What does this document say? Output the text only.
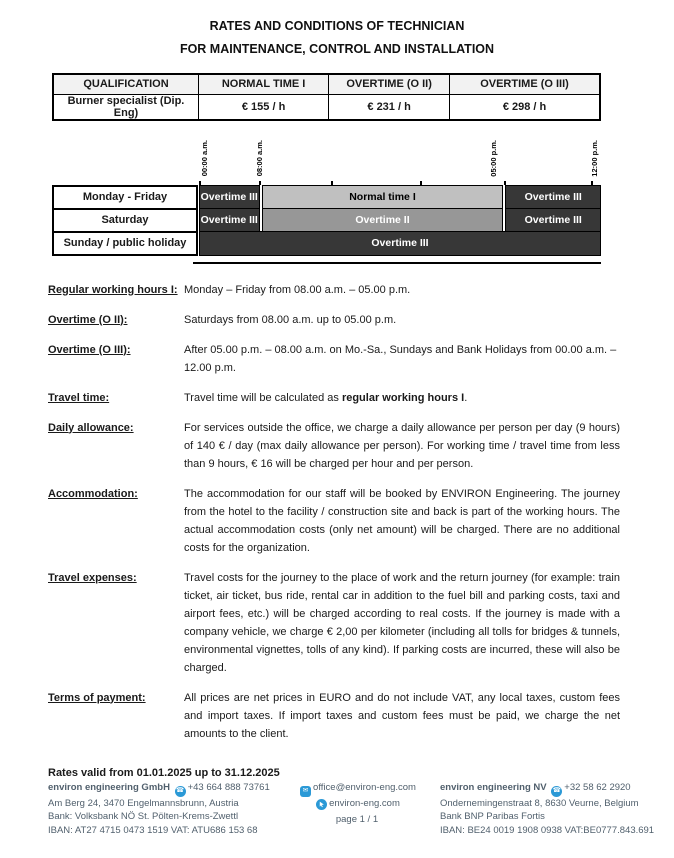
RATES AND CONDITIONS OF TECHNICIAN
FOR MAINTENANCE, CONTROL AND INSTALLATION
QUALIFICATION	NORMAL TIME I	OVERTIME (O II)	OVERTIME (O III)
Burner specialist (Dip. Eng)	€ 155 / h	€ 231 / h	€ 298 / h
00:00 a.m.	08:00 a.m.	05:00 p.m.	12:00 p.m.
Monday - Friday	Overtime III	Normal time I	Overtime III
Saturday	Overtime III	Overtime II	Overtime III
Sunday / public holiday	Overtime III
Regular working hours I: Monday – Friday from 08.00 a.m. – 05.00 p.m.
Overtime (O II):	Saturdays from 08.00 a.m. up to 05.00 p.m.
Overtime (O III):	After 05.00 p.m. – 08.00 a.m. on Mo.-Sa., Sundays and Bank Holidays from 00.00 a.m. – 12.00 p.m.
Travel time:	Travel time will be calculated as regular working hours I.
Daily allowance:	For services outside the office, we charge a daily allowance per person per day (9 hours) of 140 € / day (max daily allowance per person). For working time / travel time from less than 9 hours, € 16 will be charged per hour and per person.
Accommodation:	The accommodation for our staff will be booked by ENVIRON Engineering. The journey from the hotel to the facility / construction site and back is part of the working hours. The actual accommodation costs (only net amount) will be charged. There are no additional costs for the organization.
Travel expenses:	Travel costs for the journey to the place of work and the return journey (for example: train ticket, air ticket, bus ride, rental car in addition to the fuel bill and parking costs, taxi and airport fees, etc.) will be charged according to real costs. If the journey is made with a company vehicle, we charge € 2,00 per kilometer (including all tolls for bridges & tunnels, environmental vignettes, tolls of any kind). If parking costs are incurred, these will also be charged.
Terms of payment:	All prices are net prices in EURO and do not include VAT, any local taxes, custom fees and import taxes. If import taxes and custom fees must be paid, we charge the net amounts to the client.
Rates valid from 01.01.2025 up to 31.12.2025
environ engineering GmbH ☎ +43 664 888 73761
Am Berg 24, 3470 Engelmannsbrunn, Austria
Bank: Volksbank NÖ St. Pölten-Krems-Zwettl
IBAN: AT27 4715 0473 1519 VAT: ATU686 153 68
✉ office@environ-eng.com
environ-eng.com
page 1 / 1
environ engineering NV ☎ +32 58 62 2920
Ondernemingenstraat 8, 8630 Veurne, Belgium
Bank BNP Paribas Fortis
IBAN: BE24 0019 1908 0938 VAT:BE0777.843.691
